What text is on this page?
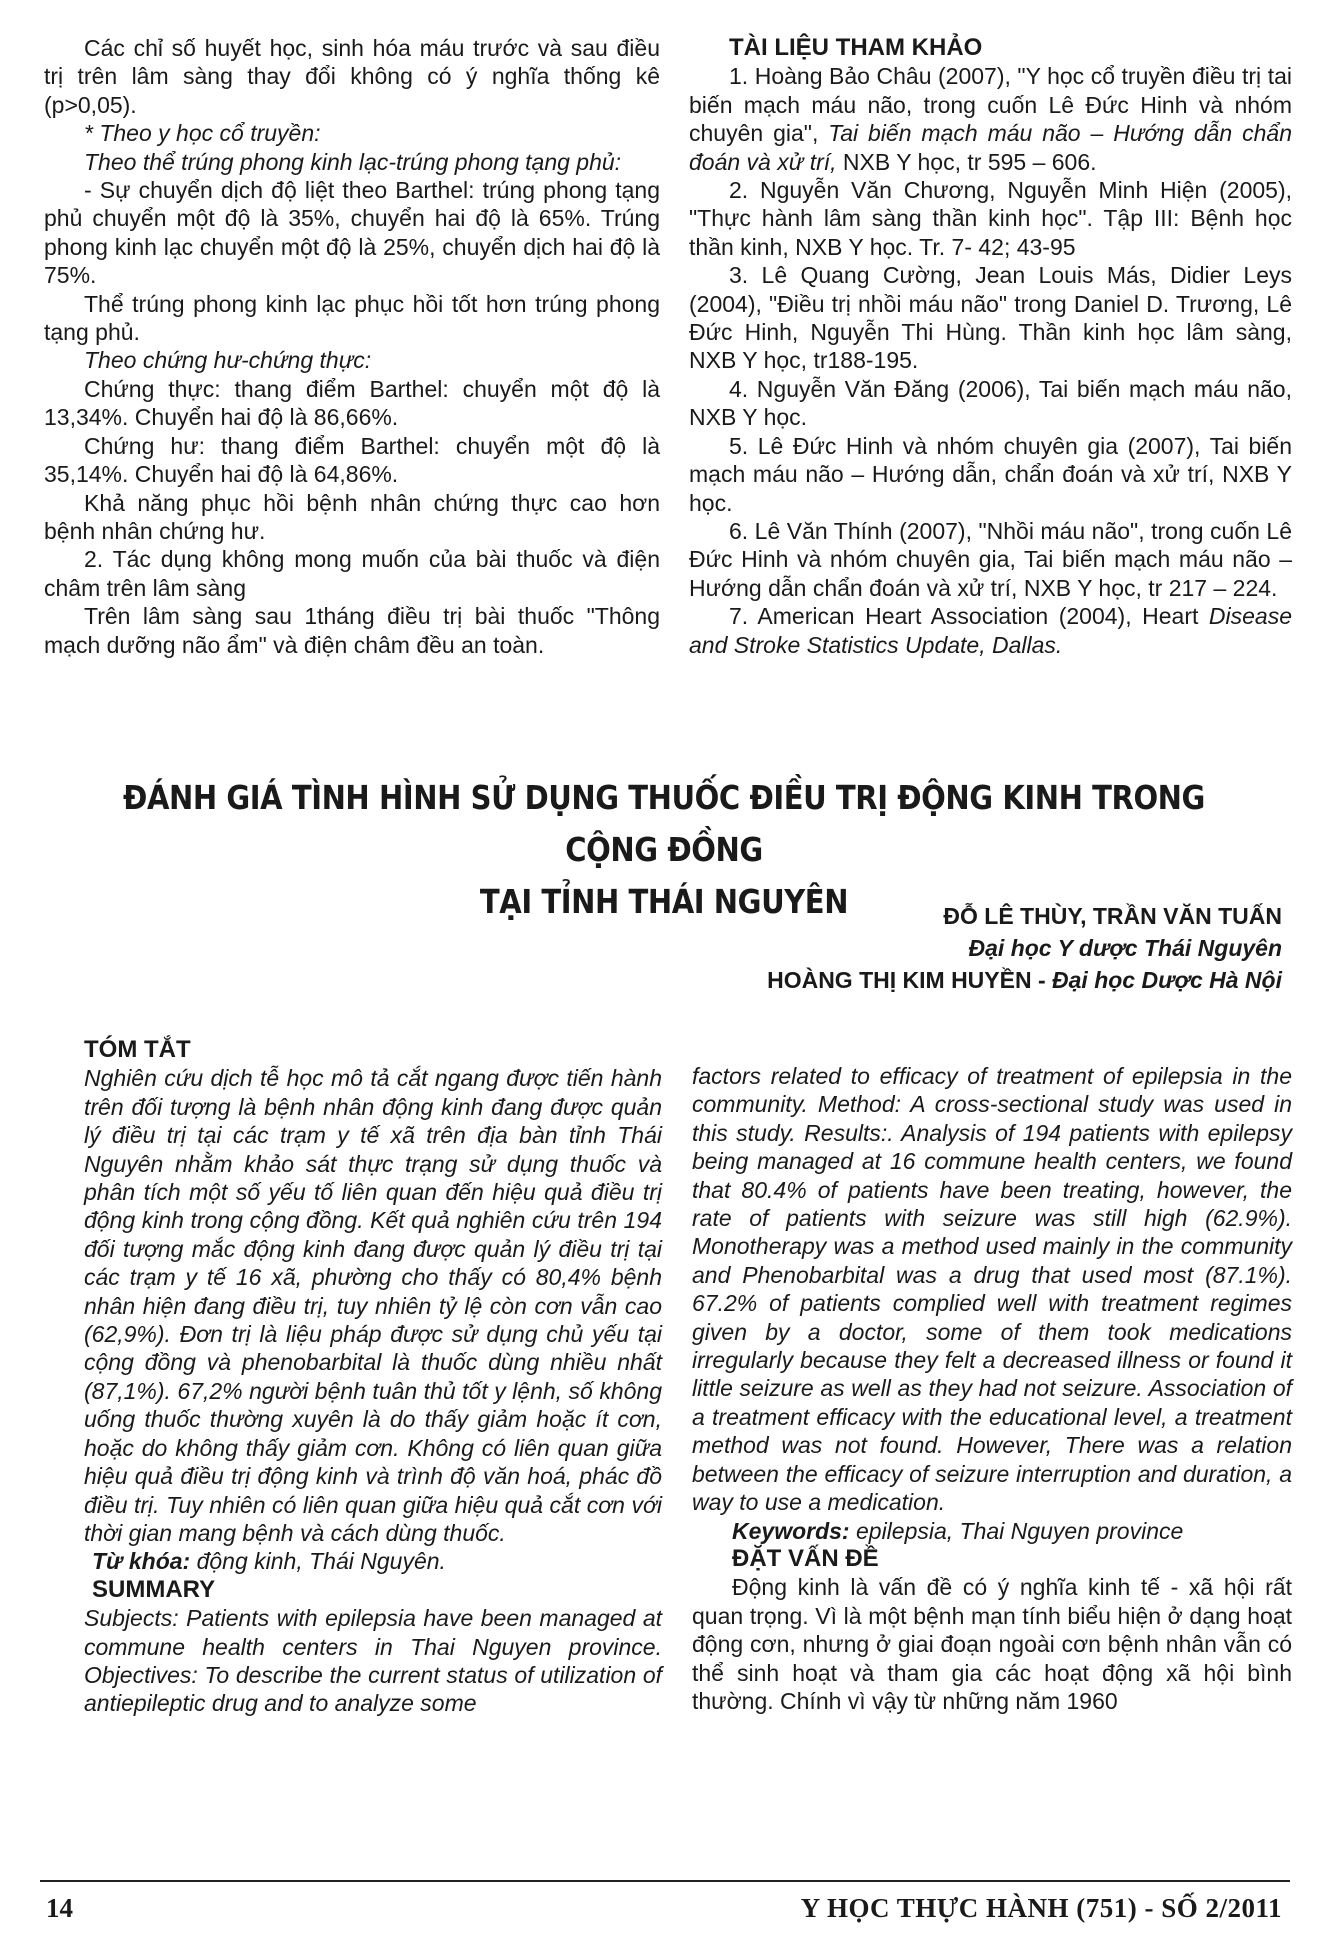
Các chỉ số huyết học, sinh hóa máu trước và sau điều trị trên lâm sàng thay đổi không có ý nghĩa thống kê (p>0,05).

* Theo y học cổ truyền:

Theo thể trúng phong kinh lạc-trúng phong tạng phủ:

- Sự chuyển dịch độ liệt theo Barthel: trúng phong tạng phủ chuyển một độ là 35%, chuyển hai độ là 65%. Trúng phong kinh lạc chuyển một độ là 25%, chuyển dịch hai độ là 75%.

Thể trúng phong kinh lạc phục hồi tốt hơn trúng phong tạng phủ.

Theo chứng hư-chứng thực:

Chứng thực: thang điểm Barthel: chuyển một độ là 13,34%. Chuyển hai độ là 86,66%.

Chứng hư: thang điểm Barthel: chuyển một độ là 35,14%. Chuyển hai độ là 64,86%.

Khả năng phục hồi bệnh nhân chứng thực cao hơn bệnh nhân chứng hư.

2. Tác dụng không mong muốn của bài thuốc và điện châm trên lâm sàng

Trên lâm sàng sau 1tháng điều trị bài thuốc "Thông mạch dưỡng não ẩm" và điện châm đều an toàn.

TÀI LIỆU THAM KHẢO

1. Hoàng Bảo Châu (2007), "Y học cổ truyền điều trị tai biến mạch máu não, trong cuốn Lê Đức Hinh và nhóm chuyên gia", Tai biến mạch máu não – Hướng dẫn chẩn đoán và xử trí, NXB Y học, tr 595 – 606.

2. Nguyễn Văn Chương, Nguyễn Minh Hiện (2005), "Thực hành lâm sàng thần kinh học". Tập III: Bệnh học thần kinh, NXB Y học. Tr. 7- 42; 43-95

3. Lê Quang Cường, Jean Louis Más, Didier Leys (2004), "Điều trị nhồi máu não" trong Daniel D. Trương, Lê Đức Hinh, Nguyễn Thi Hùng. Thần kinh học lâm sàng, NXB Y học, tr188-195.

4. Nguyễn Văn Đăng (2006), Tai biến mạch máu não, NXB Y học.

5. Lê Đức Hinh và nhóm chuyên gia (2007), Tai biến mạch máu não – Hướng dẫn, chẩn đoán và xử trí, NXB Y học.

6. Lê Văn Thính (2007), "Nhồi máu não", trong cuốn Lê Đức Hinh và nhóm chuyên gia, Tai biến mạch máu não – Hướng dẫn chẩn đoán và xử trí, NXB Y học, tr 217 – 224.

7. American Heart Association (2004), Heart Disease and Stroke Statistics Update, Dallas.

ĐÁNH GIÁ TÌNH HÌNH SỬ DỤNG THUỐC ĐIỀU TRỊ ĐỘNG KINH TRONG CỘNG ĐỒNG
TẠI TỈNH THÁI NGUYÊN	ĐỖ LÊ THÙY, TRẦN VĂN TUẤN
Đại học Y dược Thái Nguyên
HOÀNG THỊ KIM HUYỀN - Đại học Dược Hà Nội

TÓM TẮT

Nghiên cứu dịch tễ học mô tả cắt ngang được tiến hành trên đối tượng là bệnh nhân động kinh đang được quản lý điều trị tại các trạm y tế xã trên địa bàn tỉnh Thái Nguyên nhằm khảo sát thực trạng sử dụng thuốc và phân tích một số yếu tố liên quan đến hiệu quả điều trị động kinh trong cộng đồng. Kết quả nghiên cứu trên 194 đối tượng mắc động kinh đang được quản lý điều trị tại các trạm y tế 16 xã, phường cho thấy có 80,4% bệnh nhân hiện đang điều trị, tuy nhiên tỷ lệ còn cơn vẫn cao (62,9%). Đơn trị là liệu pháp được sử dụng chủ yếu tại cộng đồng và phenobarbital là thuốc dùng nhiều nhất (87,1%). 67,2% người bệnh tuân thủ tốt y lệnh, số không uống thuốc thường xuyên là do thấy giảm hoặc ít cơn, hoặc do không thấy giảm cơn. Không có liên quan giữa hiệu quả điều trị động kinh và trình độ văn hoá, phác đồ điều trị. Tuy nhiên có liên quan giữa hiệu quả cắt cơn với thời gian mang bệnh và cách dùng thuốc.

Từ khóa: động kinh, Thái Nguyên.

SUMMARY

Subjects: Patients with epilepsia have been managed at commune health centers in Thai Nguyen province. Objectives: To describe the current status of utilization of antiepileptic drug and to analyze some

factors related to efficacy of treatment of epilepsia in the community. Method: A cross-sectional study was used in this study. Results:. Analysis of 194 patients with epilepsy being managed at 16 commune health centers, we found that 80.4% of patients have been treating, however, the rate of patients with seizure was still high (62.9%). Monotherapy was a method used mainly in the community and Phenobarbital was a drug that used most (87.1%). 67.2% of patients complied well with treatment regimes given by a doctor, some of them took medications irregularly because they felt a decreased illness or found it little seizure as well as they had not seizure. Association of a treatment efficacy with the educational level, a treatment method was not found. However, There was a relation between the efficacy of seizure interruption and duration, a way to use a medication.

Keywords: epilepsia, Thai Nguyen province

ĐẶT VẤN ĐỀ

Động kinh là vấn đề có ý nghĩa kinh tế - xã hội rất quan trọng. Vì là một bệnh mạn tính biểu hiện ở dạng hoạt động cơn, nhưng ở giai đoạn ngoài cơn bệnh nhân vẫn có thể sinh hoạt và tham gia các hoạt động xã hội bình thường. Chính vì vậy từ những năm 1960

14	Y HỌC THỰC HÀNH (751) - SỐ 2/2011
